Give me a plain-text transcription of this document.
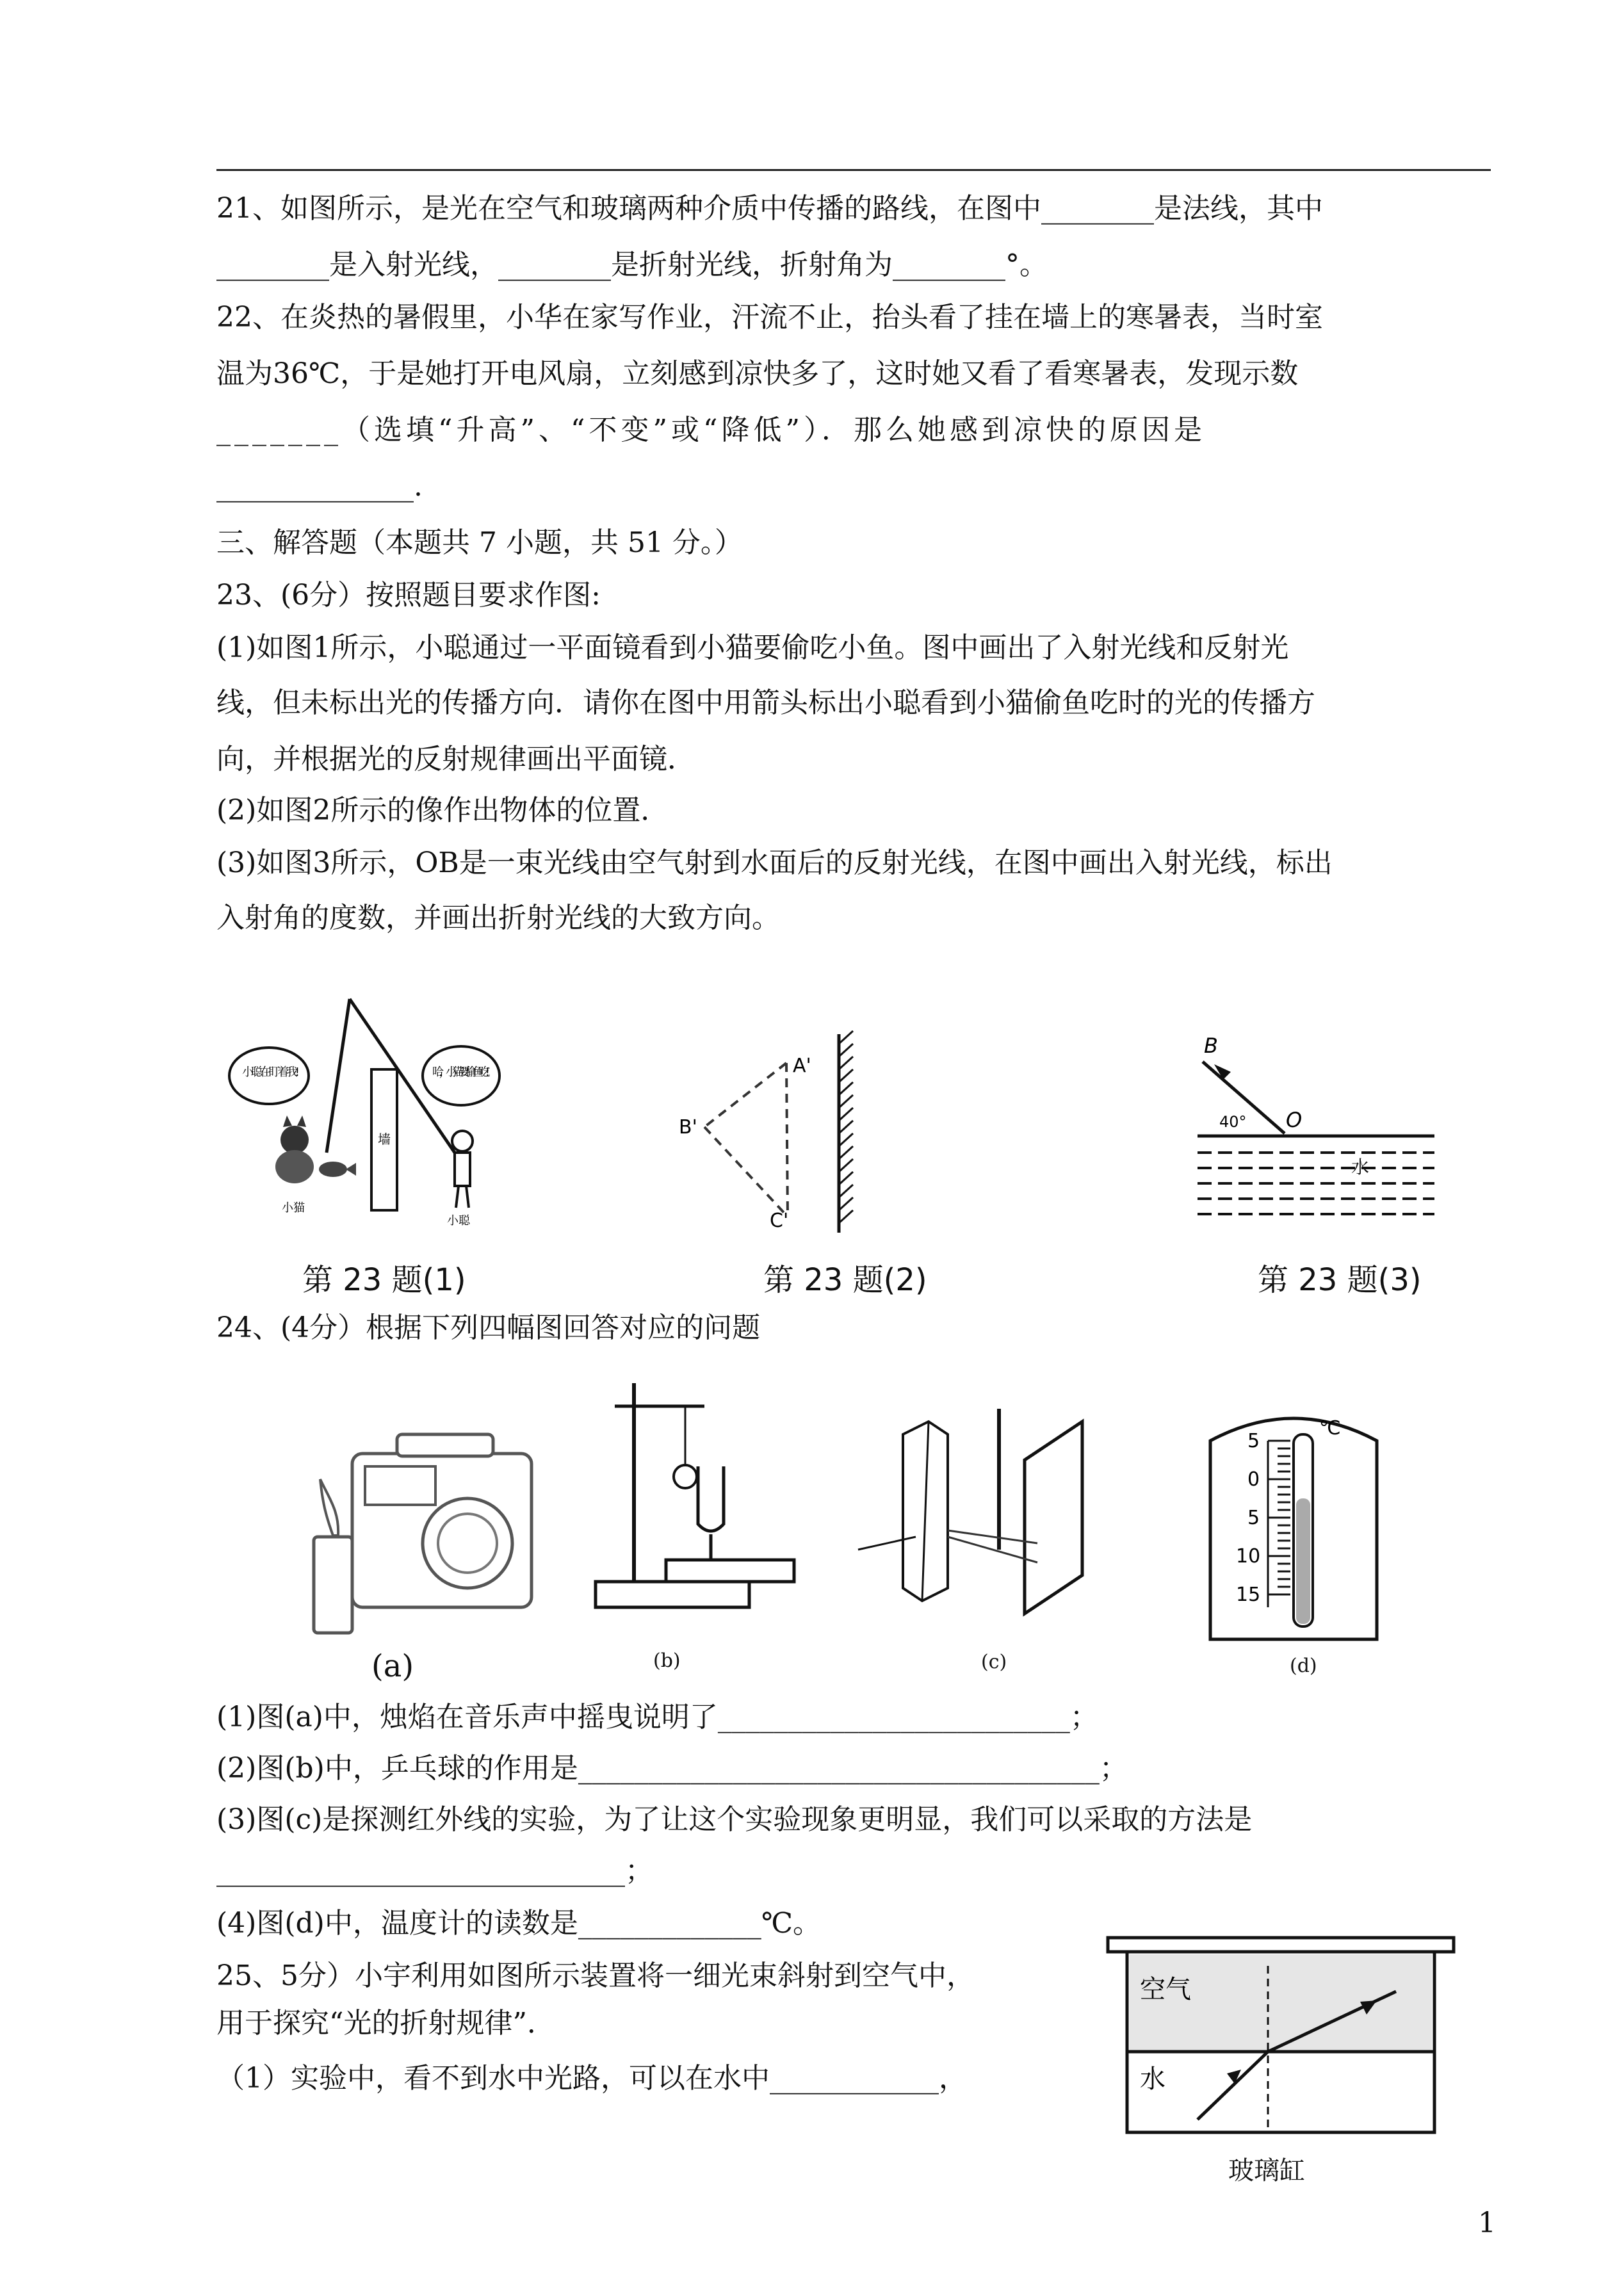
21、如图所示，是光在空气和玻璃两种介质中传播的路线，在图中________是法线，其中
________是入射光线，________是折射光线，折射角为________°。
22、在炎热的暑假里，小华在家写作业，汗流不止，抬头看了挂在墙上的寒暑表，当时室
温为36℃，于是她打开电风扇，立刻感到凉快多了，这时她又看了看寒暑表，发现示数
_______（选填“升高”、“不变”或“降低”）．那么她感到凉快的原因是
______________.
三、解答题（本题共 7 小题，共 51 分。）
23、(6分）按照题目要求作图:
(1)如图1所示，小聪通过一平面镜看到小猫要偷吃小鱼。图中画出了入射光线和反射光
线，但未标出光的传播方向．请你在图中用箭头标出小聪看到小猫偷鱼吃时的光的传播方
向，并根据光的反射规律画出平面镜．
(2)如图2所示的像作出物体的位置．
(3)如图3所示，OB是一束光线由空气射到水面后的反射光线，在图中画出入射光线，标出
入射角的度数，并画出折射光线的大致方向。
小聪在盯着我!	哈，小猫要偷鱼吃!
墙
小猫
小聪
第 23 题(1)
A'
B'
C'
第 23 题(2)
B
O
40°
水
第 23 题(3)
24、(4分）根据下列四幅图回答对应的问题
(a)	(b)	(c)
℃
5
0
5
10
15
(d)
(1)图(a)中，烛焰在音乐声中摇曳说明了_________________________；
(2)图(b)中，乒乓球的作用是_____________________________________；
(3)图(c)是探测红外线的实验，为了让这个实验现象更明显，我们可以采取的方法是
_____________________________；
(4)图(d)中，温度计的读数是_____________℃。
25、5分）小宇利用如图所示装置将一细光束斜射到空气中，
用于探究“光的折射规律”．
（1）实验中，看不到水中光路，可以在水中____________，
空气
水
玻璃缸
1
